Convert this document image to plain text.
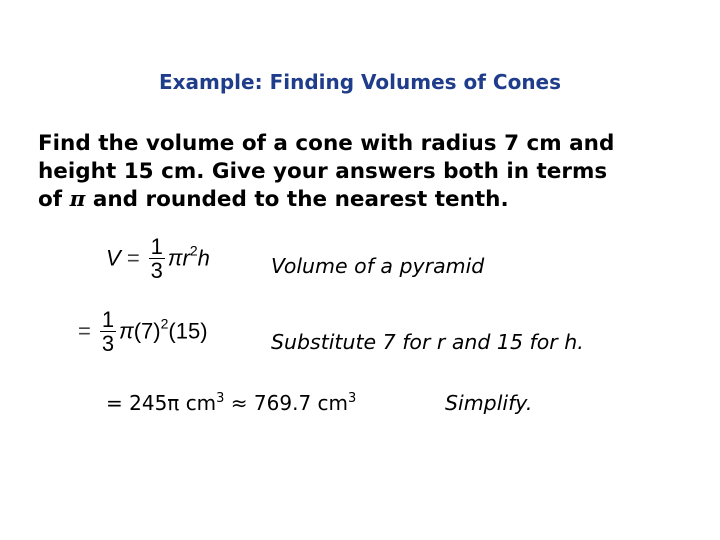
Example: Finding Volumes of Cones
Find the volume of a cone with radius 7 cm and
height 15 cm. Give your answers both in terms
of π and rounded to the nearest tenth.
$V = \frac{1}{3} \pi r^2h$	Volume of a pyramid
= $\frac{1}{3} \pi(7)^2(15)$	Substitute 7 for r and 15 for h.
= 245π $cm^3 \approx 769.7$ $cm^3$	Simplify.
